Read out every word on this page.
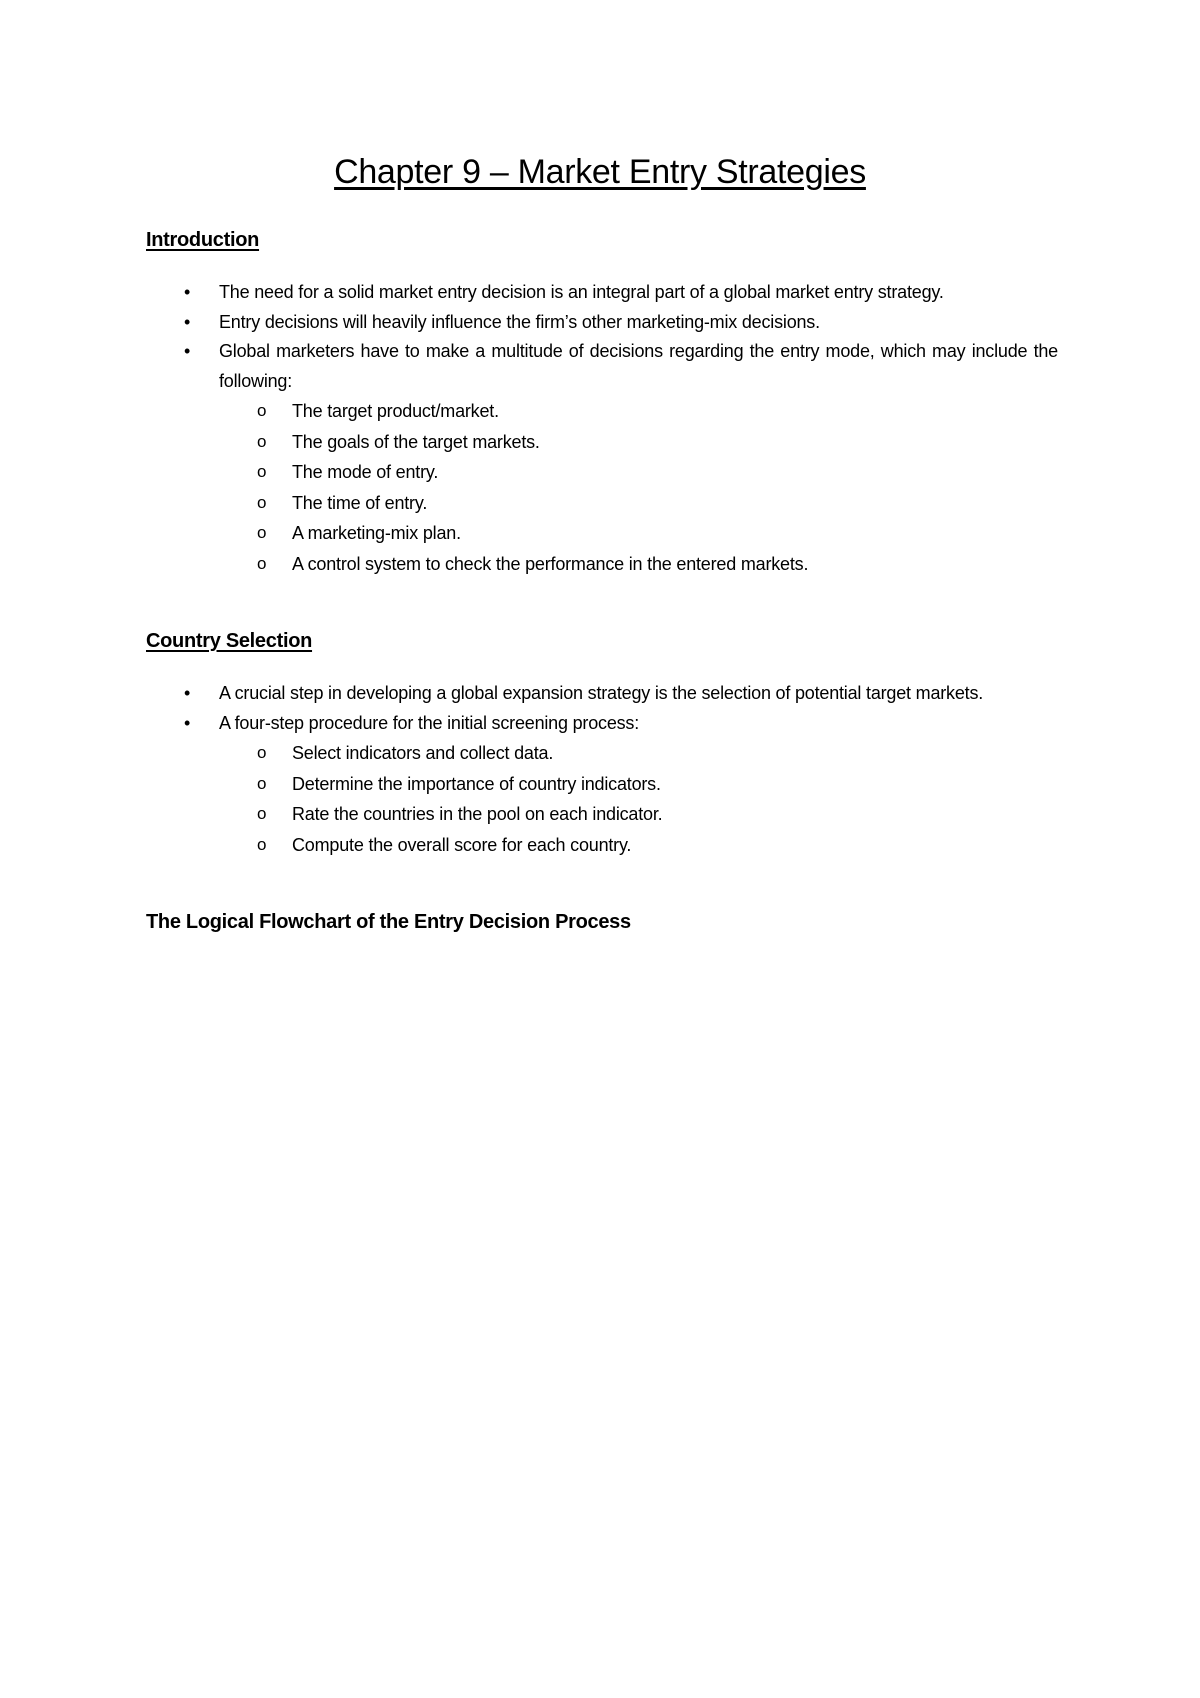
Chapter 9 – Market Entry Strategies
Introduction
•	The need for a solid market entry decision is an integral part of a global market entry strategy.
•	Entry decisions will heavily influence the firm’s other marketing-mix decisions.
•	Global marketers have to make a multitude of decisions regarding the entry mode, which may include the following:
o The target product/market.
o The goals of the target markets.
o The mode of entry.
o The time of entry.
o A marketing-mix plan.
o A control system to check the performance in the entered markets.
Country Selection
•	A crucial step in developing a global expansion strategy is the selection of potential target markets.
•	A four-step procedure for the initial screening process:
o Select indicators and collect data.
o Determine the importance of country indicators.
o Rate the countries in the pool on each indicator.
o Compute the overall score for each country.
The Logical Flowchart of the Entry Decision Process
